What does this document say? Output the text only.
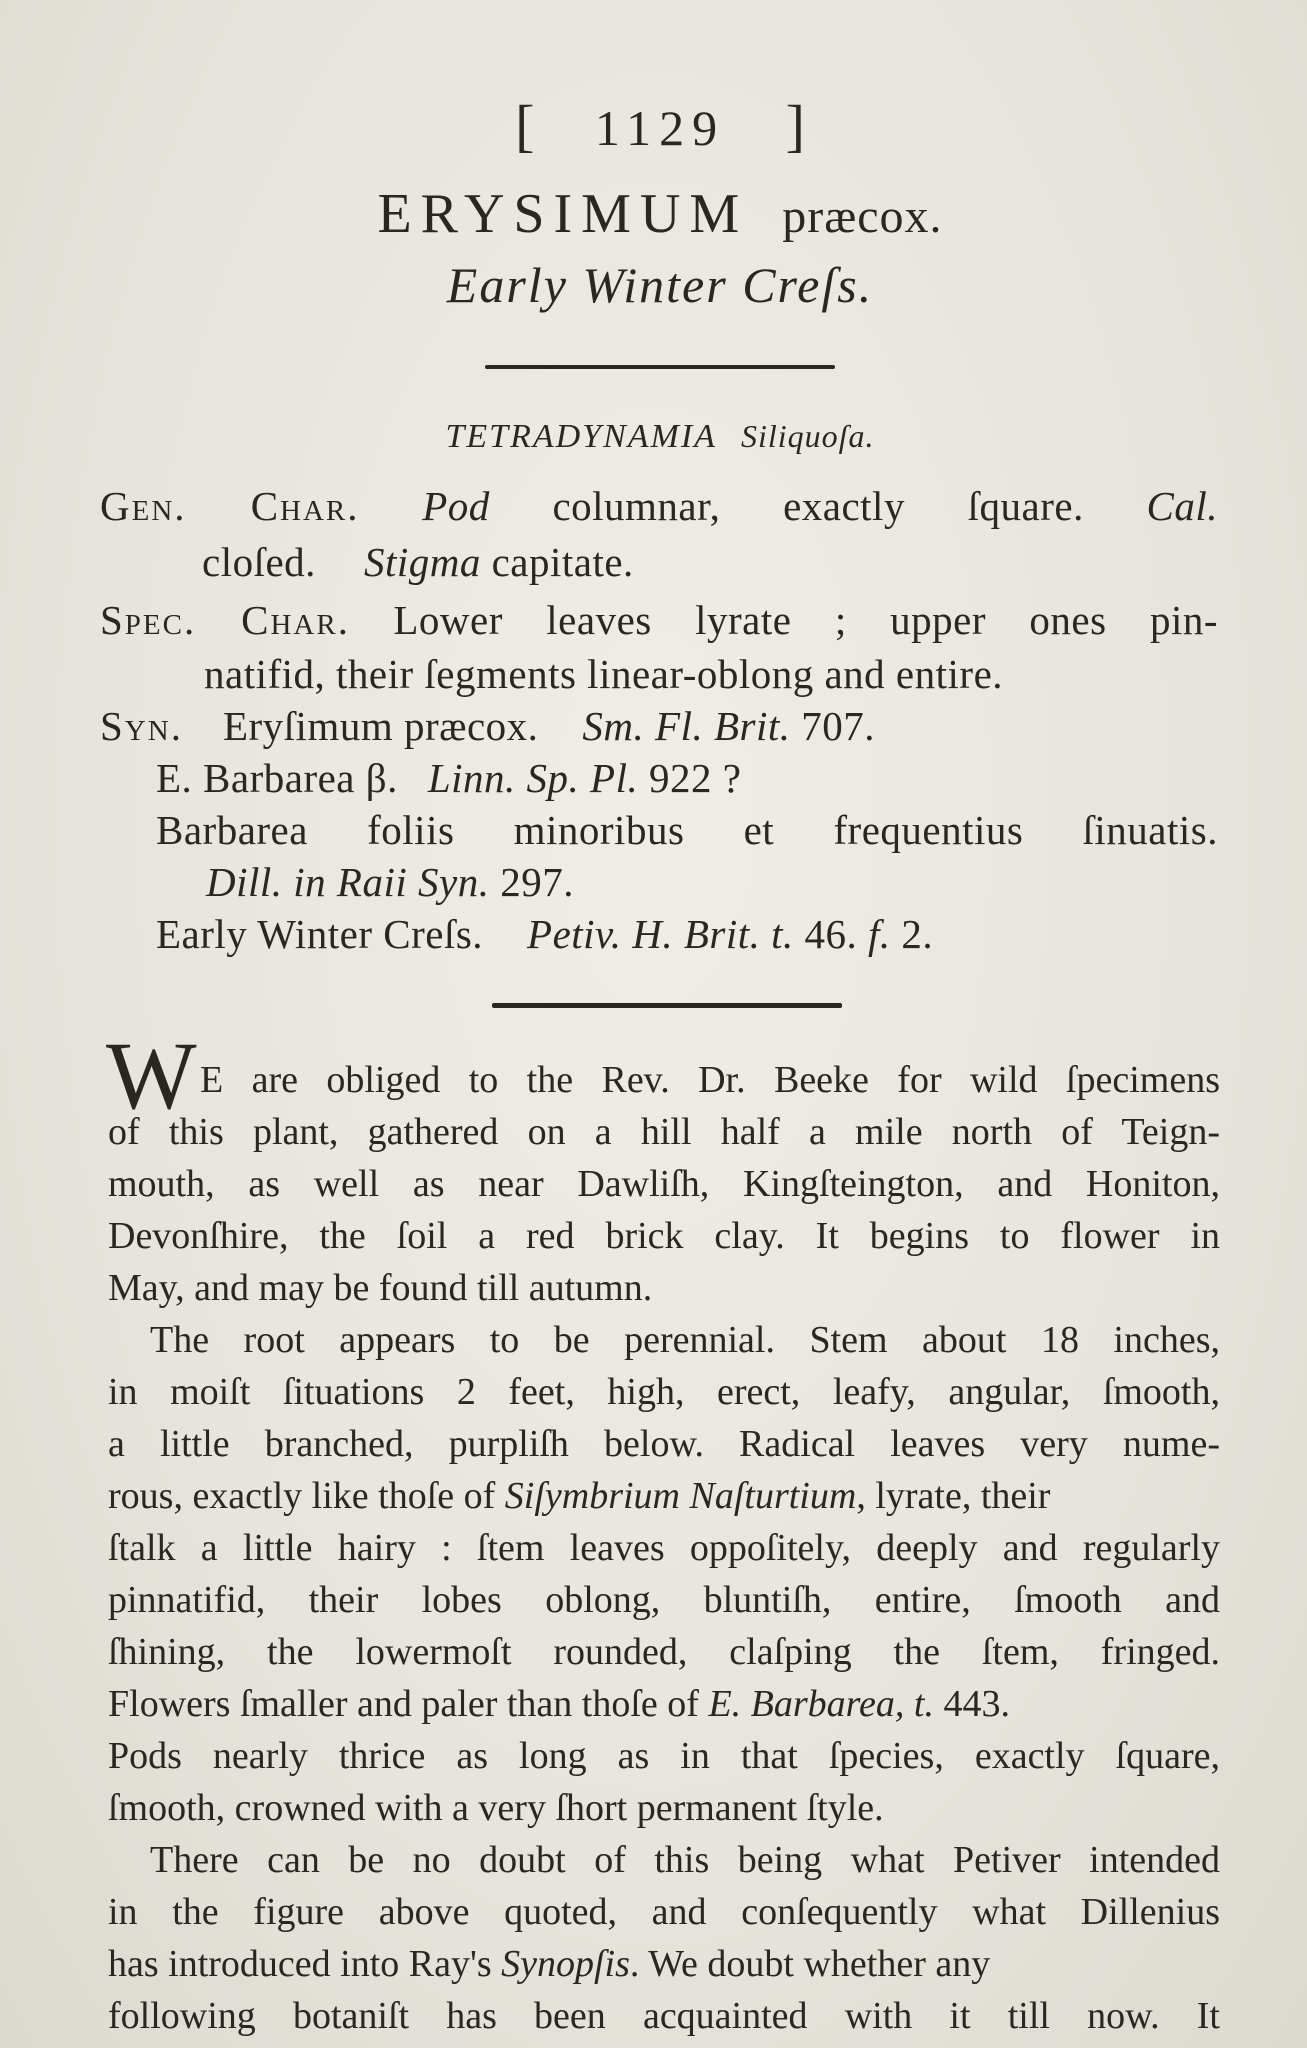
[ 1129 ]
ERYSIMUM præcox.
Early Winter Creſs.
TETRADYNAMIA Siliquoſa.
Gen. Char. Pod columnar, exactly ſquare. Cal.
cloſed. Stigma capitate.
Spec. Char. Lower leaves lyrate ; upper ones pin-
natifid, their ſegments linear-oblong and entire.
Syn. Eryſimum præcox. Sm. Fl. Brit. 707.
E. Barbarea β. Linn. Sp. Pl. 922 ?
Barbarea foliis minoribus et frequentius ſinuatis.
Dill. in Raii Syn. 297.
Early Winter Creſs. Petiv. H. Brit. t. 46. f. 2.
W E are obliged to the Rev. Dr. Beeke for wild ſpecimens
of this plant, gathered on a hill half a mile north of Teign-
mouth, as well as near Dawliſh, Kingſteington, and Honiton,
Devonſhire, the ſoil a red brick clay. It begins to flower in
May, and may be found till autumn.
The root appears to be perennial. Stem about 18 inches,
in moiſt ſituations 2 feet, high, erect, leafy, angular, ſmooth,
a little branched, purpliſh below. Radical leaves very nume-
rous, exactly like thoſe of Siſymbrium Naſturtium, lyrate, their
ſtalk a little hairy : ſtem leaves oppoſitely, deeply and regularly
pinnatifid, their lobes oblong, bluntiſh, entire, ſmooth and
ſhining, the lowermoſt rounded, claſping the ſtem, fringed.
Flowers ſmaller and paler than thoſe of E. Barbarea, t. 443.
Pods nearly thrice as long as in that ſpecies, exactly ſquare,
ſmooth, crowned with a very ſhort permanent ſtyle.
There can be no doubt of this being what Petiver intended
in the figure above quoted, and conſequently what Dillenius
has introduced into Ray's Synopſis. We doubt whether any
following botaniſt has been acquainted with it till now. It
